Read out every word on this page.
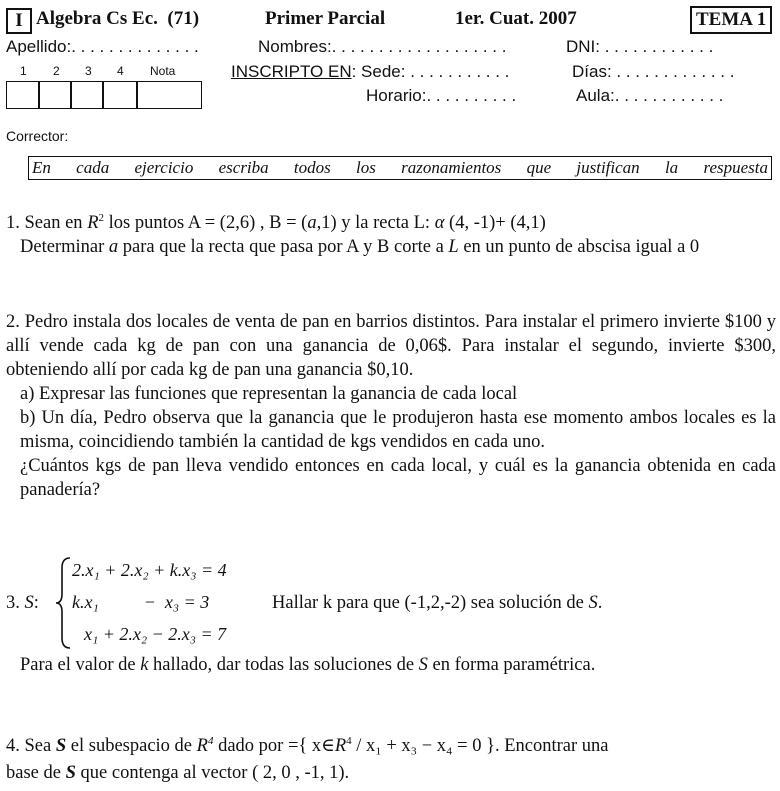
I Algebra Cs Ec. (71)	Primer Parcial	1er. Cuat. 2007	TEMA 1
Apellido:. . . . . . . . . . . . . .	Nombres:. . . . . . . . . . . . . . . . . . .	DNI: . . . . . . . . . . . .
1 2 3 4 Nota	INSCRIPTO EN: Sede: . . . . . . . . . . .	Días: . . . . . . . . . . . . .
Horario:. . . . . . . . . .	Aula:. . . . . . . . . . . .
Corrector:
En cada ejercicio escriba todos los razonamientos que justifican la respuesta

1. Sean en $R^2$ los puntos A = (2,6) , B = (a,1) y la recta L: α (4, -1)+ (4,1)

Determinar a para que la recta que pasa por A y B corte a L en un punto de abscisa igual a 0

2. Pedro instala dos locales de venta de pan en barrios distintos. Para instalar el primero invierte $100 y allí vende cada kg de pan con una ganancia de 0,06$. Para instalar el segundo, invierte $300, obteniendo allí por cada kg de pan una ganancia $0,10.

a) Expresar las funciones que representan la ganancia de cada local

b) Un día, Pedro observa que la ganancia que le produjeron hasta ese momento ambos locales es la misma, coincidiendo también la cantidad de kgs vendidos en cada uno.

¿Cuántos kgs de pan lleva vendido entonces en cada local, y cuál es la ganancia obtenida en cada panadería?

3. S:
2.x₁ + 2.x₂ + k.x₃ = 4
k.x₁          −  x₃ = 3
x₁ + 2.x₂ − 2.x₃ = 7
Hallar k para que (-1,2,-2) sea solución de S.
Para el valor de k hallado, dar todas las soluciones de S en forma paramétrica.
4. Sea S el subespacio de $R^4$ dado por ={ $x\in R^4 / x_1 + x_3 - x_4 = 0$ }. Encontrar una
base de S que contenga al vector ( 2, 0 , -1, 1).
